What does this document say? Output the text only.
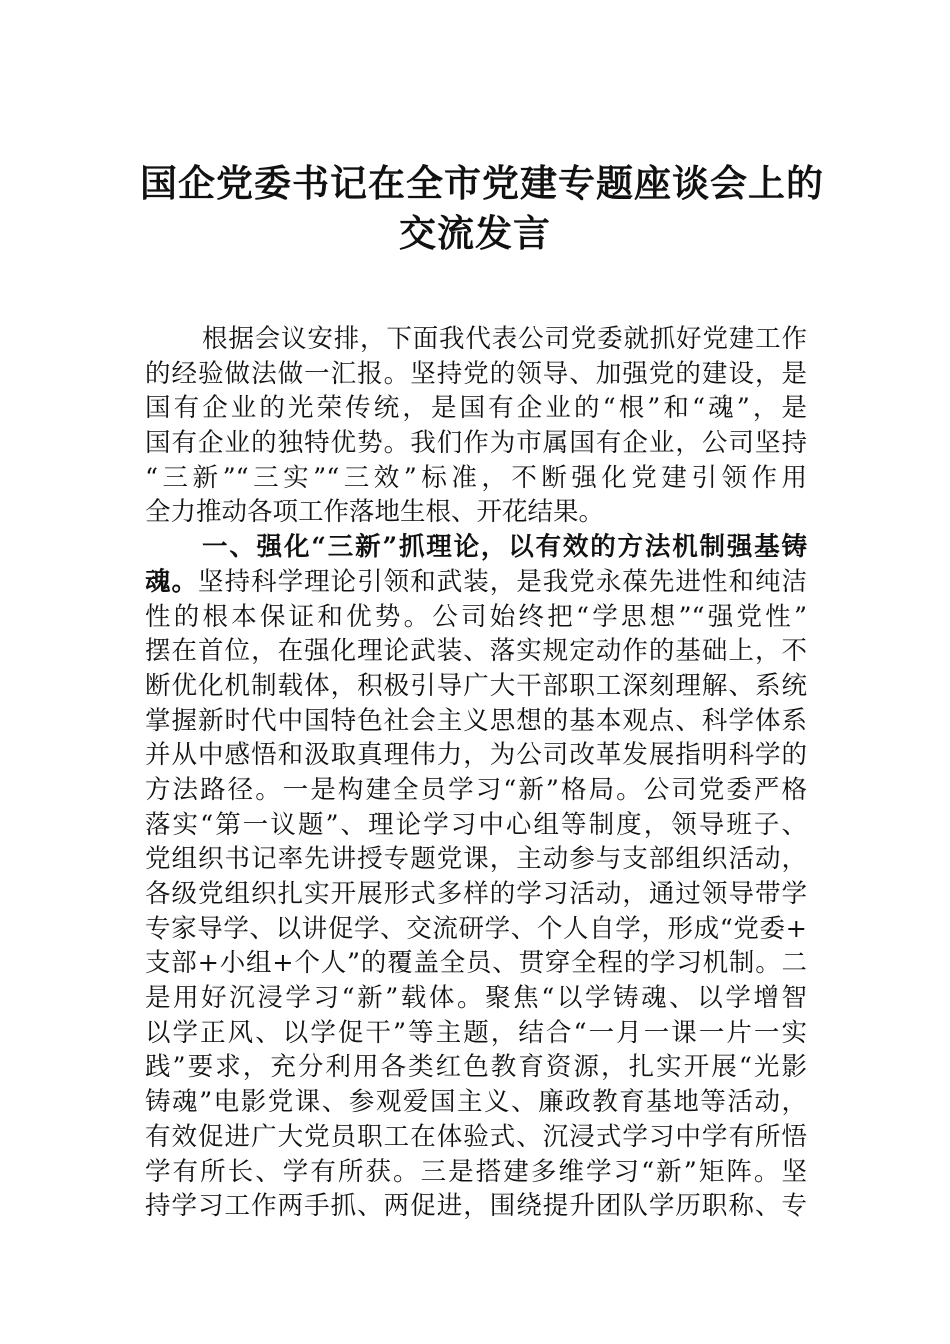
国企党委书记在全市党建专题座谈会上的
交流发言
根据会议安排，下面我代表公司党委就抓好党建工作
的经验做法做一汇报。坚持党的领导、加强党的建设，是
国有企业的光荣传统，是国有企业的“根”和“魂”，是
国有企业的独特优势。我们作为市属国有企业，公司坚持
“三新”“三实”“三效”标准，不断强化党建引领作用
全力推动各项工作落地生根、开花结果。
一、强化“三新”抓理论，以有效的方法机制强基铸
魂。坚持科学理论引领和武装，是我党永葆先进性和纯洁
性的根本保证和优势。公司始终把“学思想”“强党性”
摆在首位，在强化理论武装、落实规定动作的基础上，不
断优化机制载体，积极引导广大干部职工深刻理解、系统
掌握新时代中国特色社会主义思想的基本观点、科学体系
并从中感悟和汲取真理伟力，为公司改革发展指明科学的
方法路径。一是构建全员学习“新”格局。公司党委严格
落实“第一议题”、理论学习中心组等制度，领导班子、
党组织书记率先讲授专题党课，主动参与支部组织活动，
各级党组织扎实开展形式多样的学习活动，通过领导带学
专家导学、以讲促学、交流研学、个人自学，形成“党委+
支部+小组+个人”的覆盖全员、贯穿全程的学习机制。二
是用好沉浸学习“新”载体。聚焦“以学铸魂、以学增智
以学正风、以学促干”等主题，结合“一月一课一片一实
践”要求，充分利用各类红色教育资源，扎实开展“光影
铸魂”电影党课、参观爱国主义、廉政教育基地等活动，
有效促进广大党员职工在体验式、沉浸式学习中学有所悟
学有所长、学有所获。三是搭建多维学习“新”矩阵。坚
持学习工作两手抓、两促进，围绕提升团队学历职称、专
